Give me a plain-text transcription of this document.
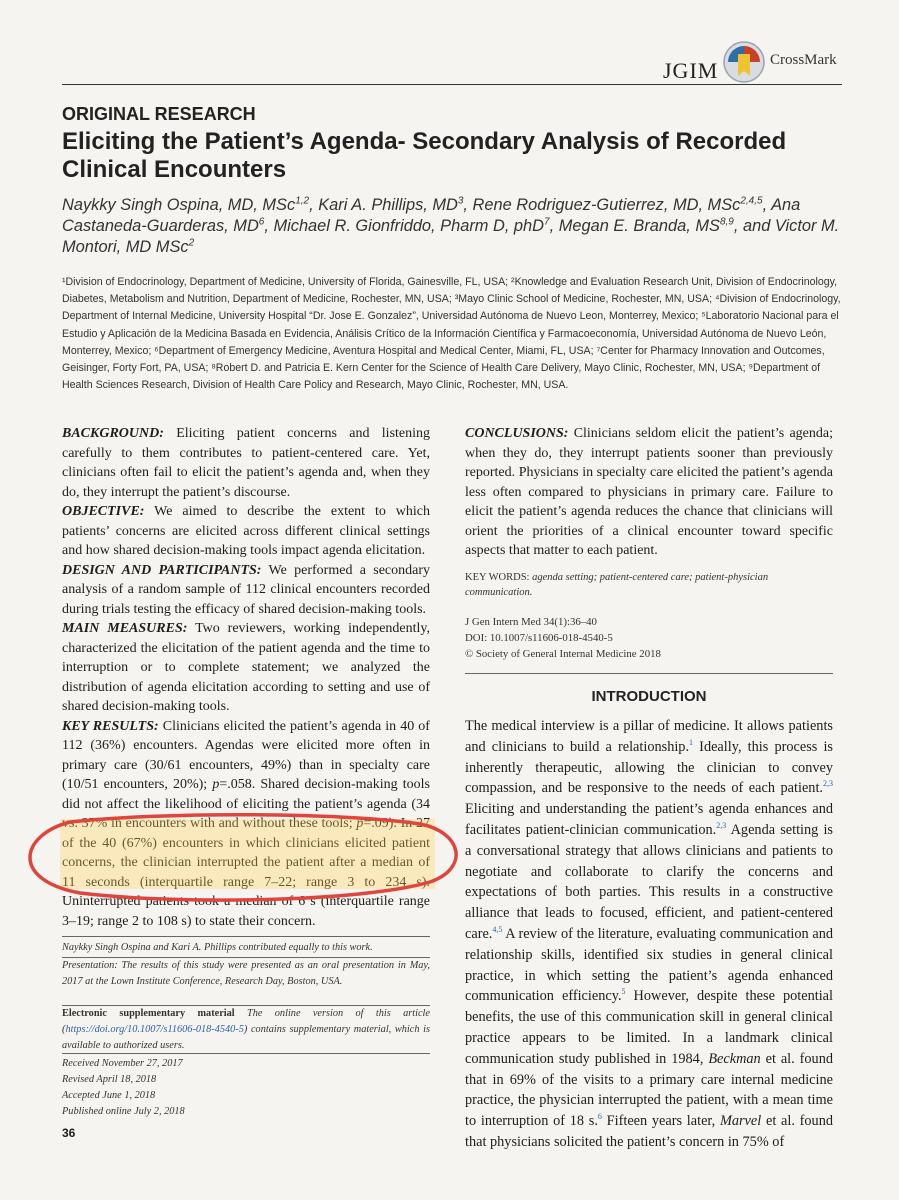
JGIM	CrossMark
ORIGINAL RESEARCH
Eliciting the Patient’s Agenda- Secondary Analysis of Recorded Clinical Encounters
Naykky Singh Ospina, MD, MSc$^{1,2}$, Kari A. Phillips, $MD^3$, Rene Rodriguez-Gutierrez, MD, MSc$^{2,4,5}$, Ana Castaneda-Guarderas, $MD^6$, Michael R. Gionfriddo, Pharm D, phD$^7$, Megan E. Branda, MS$^{8,9}$, and Victor M. Montori, MD MSc$^2$
¹Division of Endocrinology, Department of Medicine, University of Florida, Gainesville, FL, USA; ²Knowledge and Evaluation Research Unit, Division of Endocrinology, Diabetes, Metabolism and Nutrition, Department of Medicine, Rochester, MN, USA; ³Mayo Clinic School of Medicine, Rochester, MN, USA; ⁴Division of Endocrinology, Department of Internal Medicine, University Hospital “Dr. Jose E. Gonzalez”, Universidad Autónoma de Nuevo Leon, Monterrey, Mexico; ⁵Laboratorio Nacional para el Estudio y Aplicación de la Medicina Basada en Evidencia, Análisis Crítico de la Información Científica y Farmacoeconomía, Universidad Autónoma de Nuevo León, Monterrey, Mexico; ⁶Department of Emergency Medicine, Aventura Hospital and Medical Center, Miami, FL, USA; ⁷Center for Pharmacy Innovation and Outcomes, Geisinger, Forty Fort, PA, USA; ⁸Robert D. and Patricia E. Kern Center for the Science of Health Care Delivery, Mayo Clinic, Rochester, MN, USA; ⁹Department of Health Sciences Research, Division of Health Care Policy and Research, Mayo Clinic, Rochester, MN, USA.
BACKGROUND: Eliciting patient concerns and listening carefully to them contributes to patient-centered care. Yet, clinicians often fail to elicit the patient’s agenda and, when they do, they interrupt the patient’s discourse.
OBJECTIVE: We aimed to describe the extent to which patients’ concerns are elicited across different clinical settings and how shared decision-making tools impact agenda elicitation.
DESIGN AND PARTICIPANTS: We performed a secondary analysis of a random sample of 112 clinical encounters recorded during trials testing the efficacy of shared decision-making tools.
MAIN MEASURES: Two reviewers, working independently, characterized the elicitation of the patient agenda and the time to interruption or to complete statement; we analyzed the distribution of agenda elicitation according to setting and use of shared decision-making tools.
KEY RESULTS: Clinicians elicited the patient’s agenda in 40 of 112 (36%) encounters. Agendas were elicited more often in primary care (30/61 encounters, 49%) than in specialty care (10/51 encounters, 20%); p=.058. Shared decision-making tools did not affect the likelihood of eliciting the patient’s agenda (34 vs. 37% in encounters with and without these tools; p=.09). In 27 of the 40 (67%) encounters in which clinicians elicited patient concerns, the clinician interrupted the patient after a median of 11 seconds (interquartile range 7–22; range 3 to 234 s). Uninterrupted patients took a median of 6 s (interquartile range 3–19; range 2 to 108 s) to state their concern.
CONCLUSIONS: Clinicians seldom elicit the patient’s agenda; when they do, they interrupt patients sooner than previously reported. Physicians in specialty care elicited the patient’s agenda less often compared to physicians in primary care. Failure to elicit the patient’s agenda reduces the chance that clinicians will orient the priorities of a clinical encounter toward specific aspects that matter to each patient.
KEY WORDS: agenda setting; patient-centered care; patient-physician communication.
J Gen Intern Med 34(1):36–40
DOI: 10.1007/s11606-018-4540-5
© Society of General Internal Medicine 2018
INTRODUCTION
The medical interview is a pillar of medicine. It allows patients and clinicians to build a relationship.$^1$ Ideally, this process is inherently therapeutic, allowing the clinician to convey compassion, and be responsive to the needs of each patient.$^{2,3}$ Eliciting and understanding the patient’s agenda enhances and facilitates patient-clinician communication.$^{2,3}$ Agenda setting is a conversational strategy that allows clinicians and patients to negotiate and collaborate to clarify the concerns and expectations of both parties. This results in a constructive alliance that leads to focused, efficient, and patient-centered care.$^{4,5}$ A review of the literature, evaluating communication and relationship skills, identified six studies in general clinical practice, in which setting the patient’s agenda enhanced communication efficiency.$^5$ However, despite these potential benefits, the use of this communication skill in general clinical practice appears to be limited. In a landmark clinical communication study published in 1984, Beckman et al. found that in 69% of the visits to a primary care internal medicine practice, the physician interrupted the patient, with a mean time to interruption of 18 s.$^6$ Fifteen years later, Marvel et al. found that physicians solicited the patient’s concern in 75% of
Naykky Singh Ospina and Kari A. Phillips contributed equally to this work.
Presentation: The results of this study were presented as an oral presentation in May, 2017 at the Lown Institute Conference, Research Day, Boston, USA.
Electronic supplementary material The online version of this article (https://doi.org/10.1007/s11606-018-4540-5) contains supplementary material, which is available to authorized users.
Received November 27, 2017
Revised April 18, 2018
Accepted June 1, 2018
Published online July 2, 2018
36
